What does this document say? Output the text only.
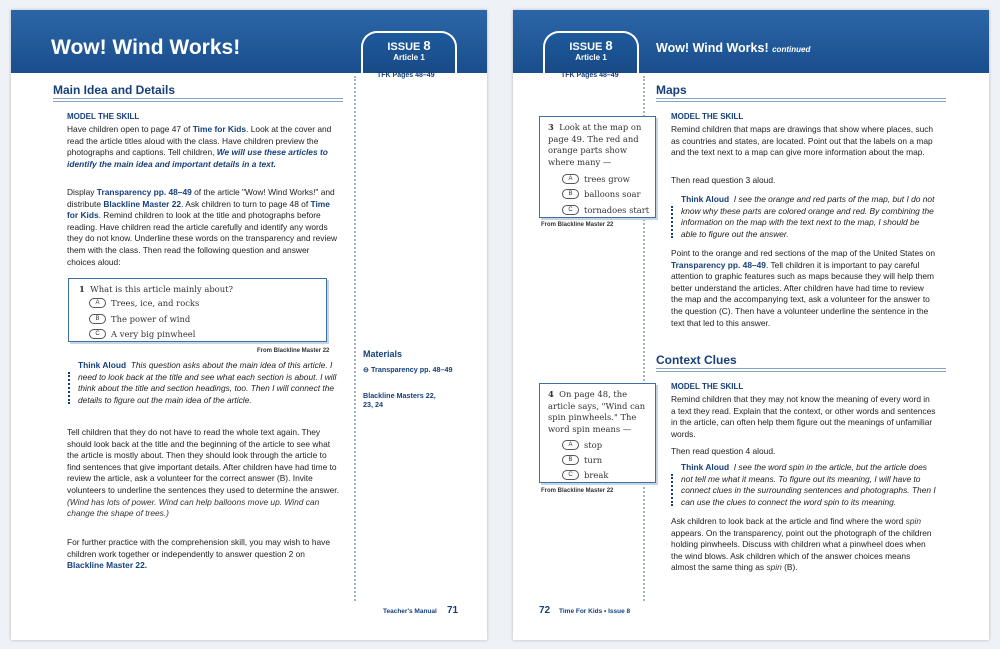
Wow! Wind Works!	ISSUE 8
Article 1
TFK Pages 48–49
Main Idea and Details
MODEL THE SKILL
Have children open to page 47 of Time for Kids. Look at the cover and read the article titles aloud with the class. Have children preview the photographs and captions. Tell children, We will use these articles to identify the main idea and important details in a text.
Display Transparency pp. 48–49 of the article "Wow! Wind Works!" and distribute Blackline Master 22. Ask children to turn to page 48 of Time for Kids. Remind children to look at the title and photographs before reading. Have children read the article carefully and identify any words they do not know. Underline these words on the transparency and review them with the class. Then read the following question and answer choices aloud:
1 What is this article mainly about?
A	Trees, ice, and rocks
B	The power of wind
C	A very big pinwheel
From Blackline Master 22
Think Aloud This question asks about the main idea of this article. I need to look back at the title and see what each section is about. I will think about the title and section headings, too. Then I will connect the details to figure out the main idea of the article.
Tell children that they do not have to read the whole text again. They should look back at the title and the beginning of the article to see what the article is mostly about. Then they should look through the article to find sentences that give important details. After children have had time to review the article, ask a volunteer for the correct answer (B). Invite volunteers to underline the sentences they used to determine the answer. (Wind has lots of power. Wind can help balloons move up. Wind can change the shape of trees.)
For further practice with the comprehension skill, you may wish to have children work together or independently to answer question 2 on Blackline Master 22.
Materials
⊖ Transparency pp. 48–49
Blackline Masters 22, 23, 24
Teacher's Manual 71
ISSUE 8
Article 1
Wow! Wind Works! continued
TFK Pages 48–49
Maps
MODEL THE SKILL
Remind children that maps are drawings that show where places, such as countries and states, are located. Point out that the labels on a map and the text next to a map can give more information about the map.
Then read question 3 aloud.
Think Aloud I see the orange and red parts of the map, but I do not know why these parts are colored orange and red. By combining the information on the map with the text next to the map, I should be able to figure out the answer.
Point to the orange and red sections of the map of the United States on Transparency pp. 48–49. Tell children it is important to pay careful attention to graphic features such as maps because they will help them better understand the articles. After children have had time to review the map and the accompanying text, ask a volunteer for the answer to the question (C). Then have a volunteer underline the sentence in the text that led to this answer.
3 Look at the map on page 49. The red and orange parts show where many —
A	trees grow
B	balloons soar
C	tornadoes start
From Blackline Master 22
Context Clues
MODEL THE SKILL
Remind children that they may not know the meaning of every word in a text they read. Explain that the context, or other words and sentences in the article, can often help them figure out the meanings of unfamiliar words.
Then read question 4 aloud.
Think Aloud I see the word spin in the article, but the article does not tell me what it means. To figure out its meaning, I will have to connect clues in the surrounding sentences and photographs. Then I can use the clues to connect the word spin to its meaning.
Ask children to look back at the article and find where the word spin appears. On the transparency, point out the photograph of the children holding pinwheels. Discuss with children what a pinwheel does when the wind blows. Ask children which of the answer choices means almost the same thing as spin (B).
4 On page 48, the article says, "Wind can spin pinwheels." The word spin means —
A	stop
B	turn
C	break
From Blackline Master 22
72 Time For Kids • Issue 8
